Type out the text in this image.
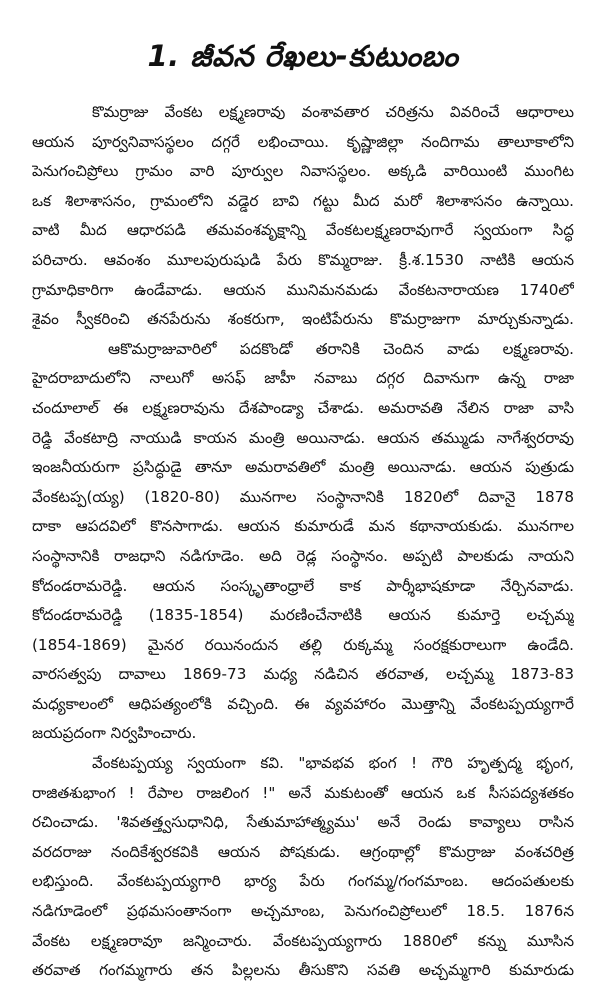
1. జీవన రేఖలు-కుటుంబం
కొమర్రాజు వేంకట లక్ష్మణరావు వంశావతార చరిత్రను వివరించే ఆధారాలు
ఆయన పూర్వనివాసస్థలం దగ్గరే లభించాయి. కృష్ణాజిల్లా నందిగామ తాలూకాలోని
పెనుగంచిప్రోలు గ్రామం వారి పూర్వుల నివాసస్థలం. అక్కడి వారియింటి ముంగిట
ఒక శిలాశాసనం, గ్రామంలోని వడ్డెర బావి గట్టు మీద మరో శిలాశాసనం ఉన్నాయి.
వాటి మీద ఆధారపడి తమవంశవృక్షాన్ని వేంకటలక్ష్మణరావుగారే స్వయంగా సిద్ధ
పరిచారు. ఆవంశం మూలపురుషుడి పేరు కొమ్మరాజు. క్రీ.శ.1530 నాటికి ఆయన
గ్రామాధికారిగా ఉండేవాడు. ఆయన మునిమనమడు వేంకటనారాయణ 1740లో
శైవం స్వీకరించి తనపేరును శంకరుగా, ఇంటిపేరును కొమర్రాజుగా మార్చుకున్నాడు.
ఆకొమర్రాజువారిలో పదకొండో తరానికి చెందిన వాడు లక్ష్మణరావు.
హైదరాబాదులోని నాలుగో అసఫ్ జాహీ నవాబు దగ్గర దివానుగా ఉన్న రాజా
చందూలాల్ ఈ లక్ష్మణరావును దేశపాండ్యా చేశాడు. అమరావతి నేలిన రాజా వాసి
రెడ్డి వేంకటాద్రి నాయుడి కాయన మంత్రి అయినాడు. ఆయన తమ్ముడు నాగేశ్వరరావు
ఇంజనీయరుగా ప్రసిద్ధుడై తానూ అమరావతిలో మంత్రి అయినాడు. ఆయన పుత్రుడు
వేంకటప్ప(య్య) (1820-80) మునగాల సంస్థానానికి 1820లో దివానై 1878
దాకా ఆపదవిలో కొనసాగాడు. ఆయన కుమారుడే మన కథానాయకుడు. మునగాల
సంస్థానానికి రాజధాని నడిగూడెం. అది రెడ్ల సంస్థానం. అప్పటి పాలకుడు నాయని
కోదండరామరెడ్డి. ఆయన సంస్కృతాంధ్రాలే కాక పార్శీభాషకూడా నేర్చినవాడు.
కోదండరామరెడ్డి (1835-1854) మరణించేనాటికి ఆయన కుమార్తె లచ్చమ్మ
(1854-1869) మైనర రయినందున తల్లి రుక్కమ్మ సంరక్షకురాలుగా ఉండేది.
వారసత్వపు దావాలు 1869-73 మధ్య నడిచిన తరవాత, లచ్చమ్మ 1873-83
మధ్యకాలంలో ఆధిపత్యంలోకి వచ్చింది. ఈ వ్యవహారం మొత్తాన్ని వేంకటప్పయ్యగారే
జయప్రదంగా నిర్వహించారు.
వేంకటప్పయ్య స్వయంగా కవి. "భావభవ భంగ ! గౌరి హృత్పద్మ భృంగ,
రాజితశుభాంగ ! రేపాల రాజలింగ !" అనే మకుటంతో ఆయన ఒక సీసపద్యశతకం
రచించాడు. 'శివతత్త్వసుధానిధి, సేతుమాహాత్మ్యము' అనే రెండు కావ్యాలు రాసిన
వరదరాజు నందికేశ్వరకవికి ఆయన పోషకుడు. ఆగ్రంథాల్లో కొమర్రాజు వంశచరిత్ర
లభిస్తుంది. వేంకటప్పయ్యగారి భార్య పేరు గంగమ్మ/గంగమాంబ. ఆదంపతులకు
నడిగూడెంలో ప్రథమసంతానంగా అచ్చమాంబ, పెనుగంచిప్రోలులో 18.5. 1876న
వేంకట లక్ష్మణరావూ జన్మించారు. వేంకటప్పయ్యగారు 1880లో కన్ను మూసిన
తరవాత గంగమ్మగారు తన పిల్లలను తీసుకొని సవతి అచ్చమ్మగారి కుమారుడు
